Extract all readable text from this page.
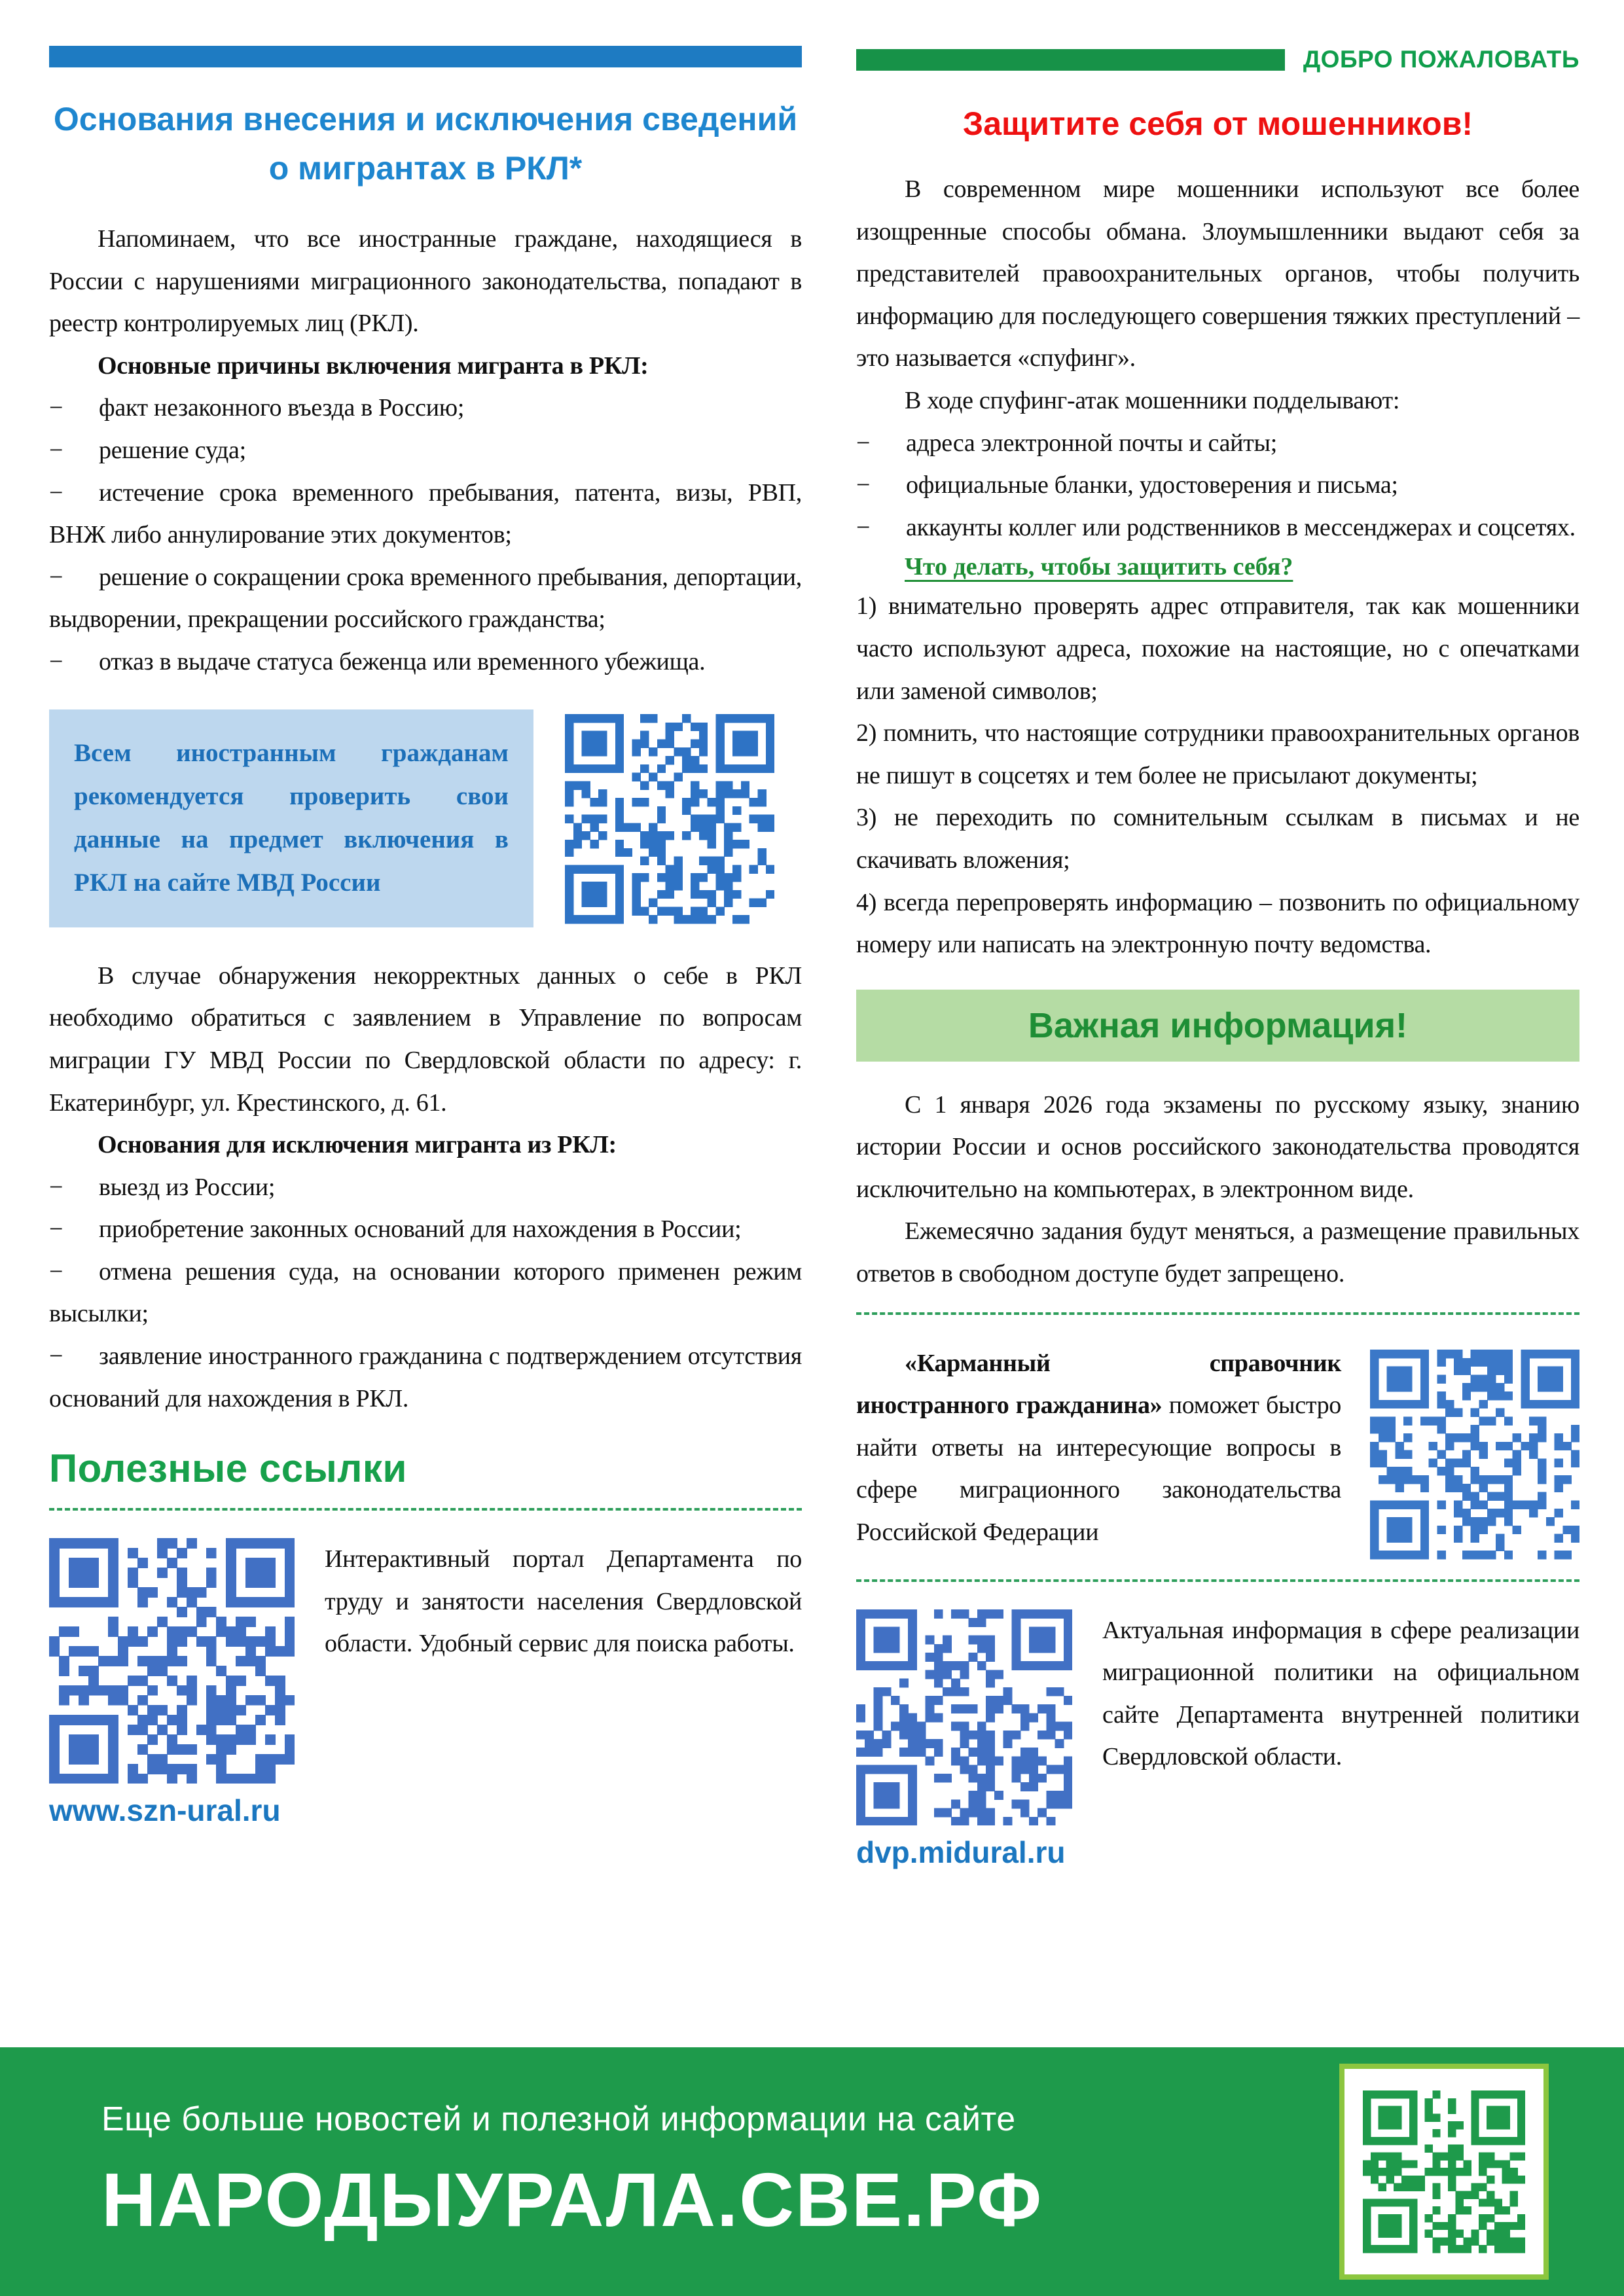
Основания внесения и исключения сведений о мигрантах в РКЛ*

Напоминаем, что все иностранные граждане, находящиеся в России с нарушениями миграционного законодательства, попадают в реестр контролируемых лиц (РКЛ).

Основные причины включения мигранта в РКЛ:

− факт незаконного въезда в Россию;

− решение суда;

− истечение срока временного пребывания, патента, визы, РВП, ВНЖ либо аннулирование этих документов;

− решение о сокращении срока временного пребывания, депортации, выдворении, прекращении российского гражданства;

− отказ в выдаче статуса беженца или временного убежища.

Всем иностранным гражданам рекомендуется проверить свои данные на предмет включения в РКЛ на сайте МВД России

В случае обнаружения некорректных данных о себе в РКЛ необходимо обратиться с заявлением в Управление по вопросам миграции ГУ МВД России по Свердловской области по адресу: г. Екатеринбург, ул. Крестинского, д. 61.

Основания для исключения мигранта из РКЛ:

− выезд из России;

− приобретение законных оснований для нахождения в России;

− отмена решения суда, на основании которого применен режим высылки;

− заявление иностранного гражданина с подтверждением отсутствия оснований для нахождения в РКЛ.

Полезные ссылки
www.szn-ural.ru

Интерактивный портал Департамента по труду и занятости населения Свердловской области. Удобный сервис для поиска работы.

ДОБРО ПОЖАЛОВАТЬ
Защитите себя от мошенников!

В современном мире мошенники используют все более изощренные способы обмана. Злоумышленники выдают себя за представителей правоохранительных органов, чтобы получить информацию для последующего совершения тяжких преступлений – это называется «спуфинг».

В ходе спуфинг-атак мошенники подделывают:

− адреса электронной почты и сайты;

− официальные бланки, удостоверения и письма;

− аккаунты коллег или родственников в мессенджерах и соцсетях.

Что делать, чтобы защитить себя?

1) внимательно проверять адрес отправителя, так как мошенники часто используют адреса, похожие на настоящие, но с опечатками или заменой символов;

2) помнить, что настоящие сотрудники правоохранительных органов не пишут в соцсетях и тем более не присылают документы;

3) не переходить по сомнительным ссылкам в письмах и не скачивать вложения;

4) всегда перепроверять информацию – позвонить по официальному номеру или написать на электронную почту ведомства.

Важная информация!

С 1 января 2026 года экзамены по русскому языку, знанию истории России и основ российского законодательства проводятся исключительно на компьютерах, в электронном виде.

Ежемесячно задания будут меняться, а размещение правильных ответов в свободном доступе будет запрещено.

«Карманный справочник иностранного гражданина» поможет быстро найти ответы на интересующие вопросы в сфере миграционного законодательства Российской Федерации

dvp.midural.ru

Актуальная информация в сфере реализации миграционной политики на официальном сайте Департамента внутренней политики Свердловской области.

Еще больше новостей и полезной информации на сайте

НАРОДЫУРАЛА.СВЕ.РФ
